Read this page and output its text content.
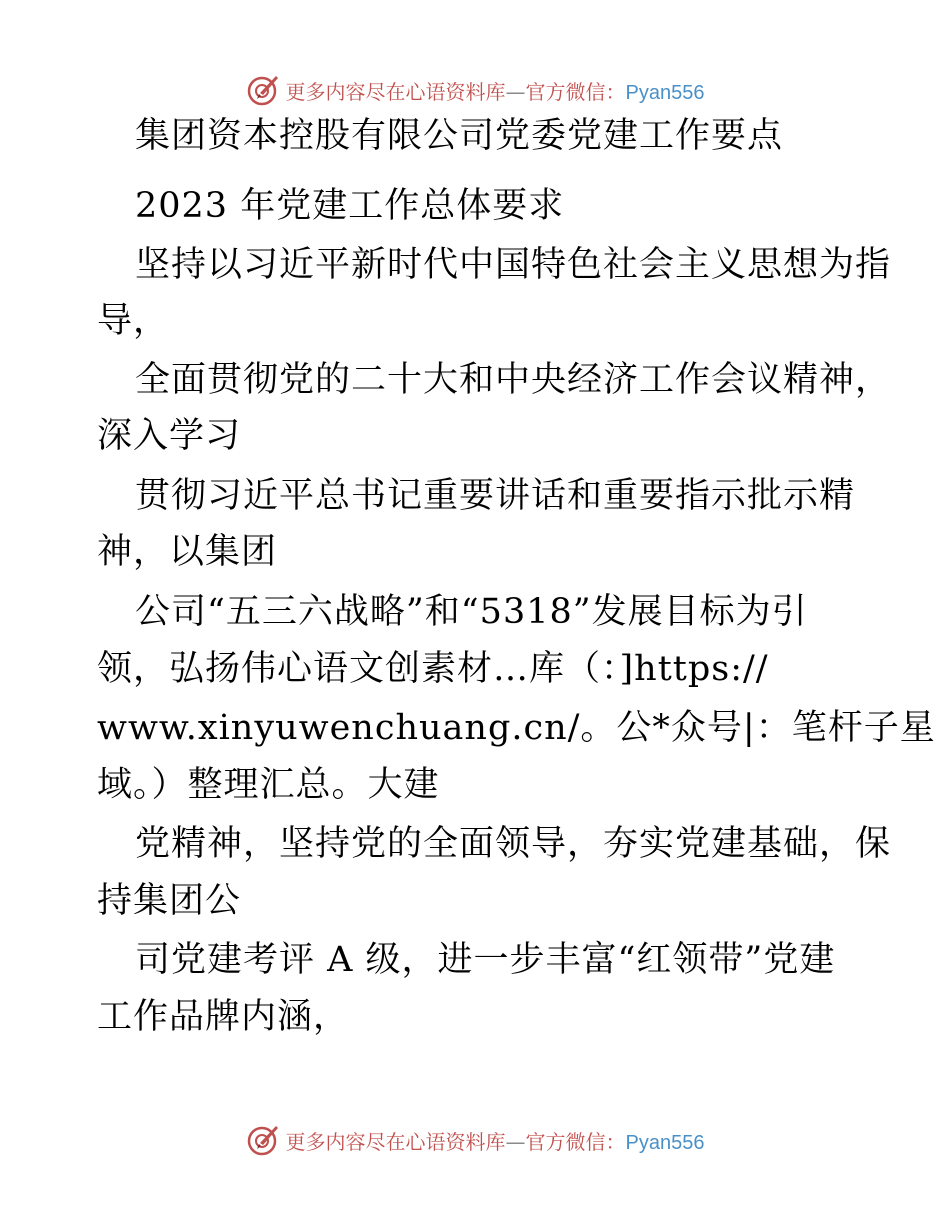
更多内容尽在心语资料库—官方微信：Pyan556
集团资本控股有限公司党委党建工作要点
2023 年党建工作总体要求
坚持以习近平新时代中国特色社会主义思想为指
导，
全面贯彻党的二十大和中央经济工作会议精神，
深入学习
贯彻习近平总书记重要讲话和重要指示批示精
神，以集团
公司“五三六战略”和“5318”发展目标为引
领，弘扬伟心语文创素材…库（：]https://
www.xinyuwenchuang.cn/。公*众号|：笔杆子星
域。）整理汇总。大建
党精神，坚持党的全面领导，夯实党建基础，保
持集团公
司党建考评 A 级，进一步丰富“红领带”党建
工作品牌内涵，
更多内容尽在心语资料库—官方微信：Pyan556
